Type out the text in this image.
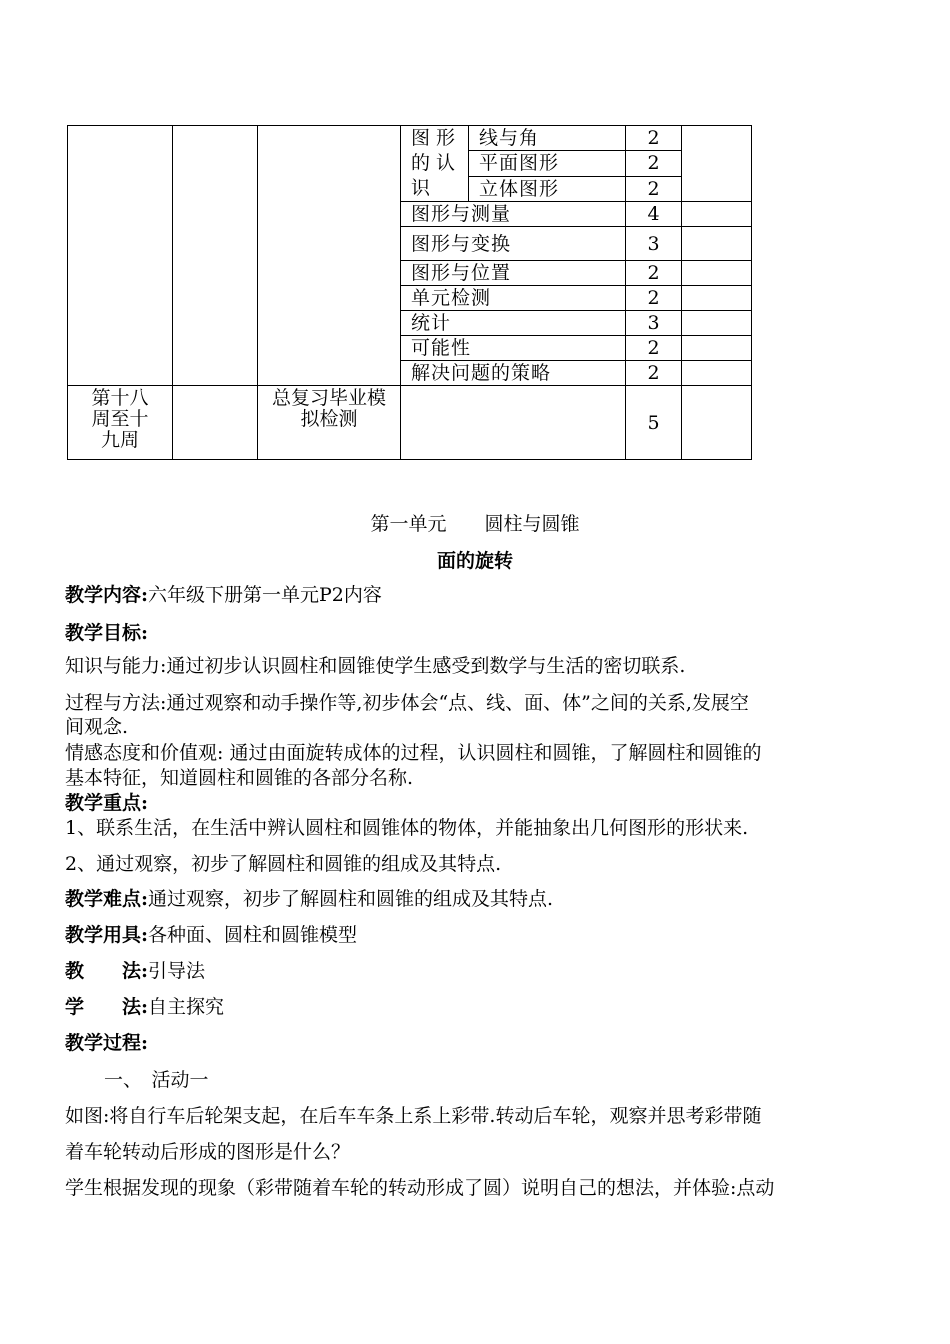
			图形的认识	线与角	2	
				平面图形	2	
				立体图形	2	
			图形与测量		4	
			图形与变换		3	
			图形与位置		2	
			单元检测		2	
			统计		3	
			可能性		2	
			解决问题的策略		2	
第十八周至十九周		总复习毕业模拟检测			5	
第一单元　　圆柱与圆锥
面的旋转
教学内容:六年级下册第一单元P2内容
教学目标:
知识与能力:通过初步认识圆柱和圆锥使学生感受到数学与生活的密切联系.
过程与方法:通过观察和动手操作等,初步体会“点、线、面、体”之间的关系,发展空
间观念.
情感态度和价值观: 通过由面旋转成体的过程，认识圆柱和圆锥，了解圆柱和圆锥的
基本特征，知道圆柱和圆锥的各部分名称.
教学重点:
1、联系生活，在生活中辨认圆柱和圆锥体的物体，并能抽象出几何图形的形状来.
2、通过观察，初步了解圆柱和圆锥的组成及其特点.
教学难点:通过观察，初步了解圆柱和圆锥的组成及其特点.
教学用具:各种面、圆柱和圆锥模型
教　　法:引导法
学　　法:自主探究
教学过程:
一、　活动一
如图:将自行车后轮架支起，在后车车条上系上彩带.转动后车轮，观察并思考彩带随
着车轮转动后形成的图形是什么？
学生根据发现的现象（彩带随着车轮的转动形成了圆）说明自己的想法，并体验:点动
